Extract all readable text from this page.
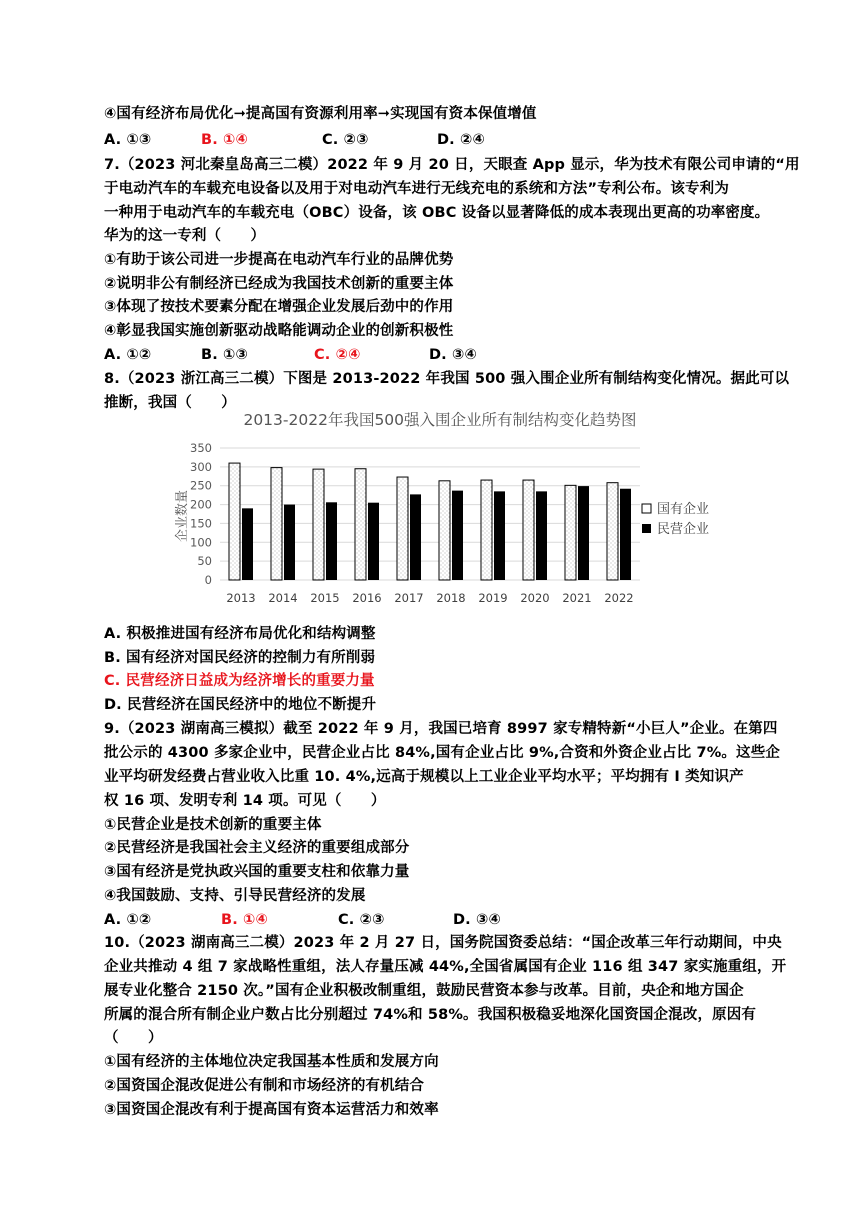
④国有经济布局优化➞提高国有资源利用率➞实现国有资本保值增值
A. ①③	B. ①④	C. ②③	D. ②④
7.（2023 河北秦皇岛高三二模）2022 年 9 月 20 日，天眼查 App 显示，华为技术有限公司申请的“用
于电动汽车的车载充电设备以及用于对电动汽车进行无线充电的系统和方法”专利公布。该专利为
一种用于电动汽车的车载充电（OBC）设备，该 OBC 设备以显著降低的成本表现出更高的功率密度。
华为的这一专利（　　）
①有助于该公司进一步提高在电动汽车行业的品牌优势
②说明非公有制经济已经成为我国技术创新的重要主体
③体现了按技术要素分配在增强企业发展后劲中的作用
④彰显我国实施创新驱动战略能调动企业的创新积极性
A. ①②	B. ①③	C. ②④	D. ③④
8.（2023 浙江高三二模）下图是 2013-2022 年我国 500 强入围企业所有制结构变化情况。据此可以
推断，我国（　　）
2013-2022年我国500强入围企业所有制结构变化趋势图
0
50
100
150
200
250
300
350
2013 2014 2015 2016 2017 2018 2019 2020 2021 2022
企业数量	国有企业
民营企业
A. 积极推进国有经济布局优化和结构调整
B. 国有经济对国民经济的控制力有所削弱
C. 民营经济日益成为经济增长的重要力量
D. 民营经济在国民经济中的地位不断提升
9.（2023 湖南高三模拟）截至 2022 年 9 月，我国已培育 8997 家专精特新“小巨人”企业。在第四
批公示的 4300 多家企业中，民营企业占比 84%,国有企业占比 9%,合资和外资企业占比 7%。这些企
业平均研发经费占营业收入比重 10. 4%,远高于规模以上工业企业平均水平；平均拥有 I 类知识产
权 16 项、发明专利 14 项。可见（　　）
①民营企业是技术创新的重要主体
②民营经济是我国社会主义经济的重要组成部分
③国有经济是党执政兴国的重要支柱和依靠力量
④我国鼓励、支持、引导民营经济的发展
A. ①②	B. ①④	C. ②③	D. ③④
10.（2023 湖南高三二模）2023 年 2 月 27 日，国务院国资委总结：“国企改革三年行动期间，中央
企业共推动 4 组 7 家战略性重组，法人存量压减 44%,全国省属国有企业 116 组 347 家实施重组，开
展专业化整合 2150 次。”国有企业积极改制重组，鼓励民营资本参与改革。目前，央企和地方国企
所属的混合所有制企业户数占比分别超过 74%和 58%。我国积极稳妥地深化国资国企混改，原因有
（　　）
①国有经济的主体地位决定我国基本性质和发展方向
②国资国企混改促进公有制和市场经济的有机结合
③国资国企混改有利于提高国有资本运营活力和效率
